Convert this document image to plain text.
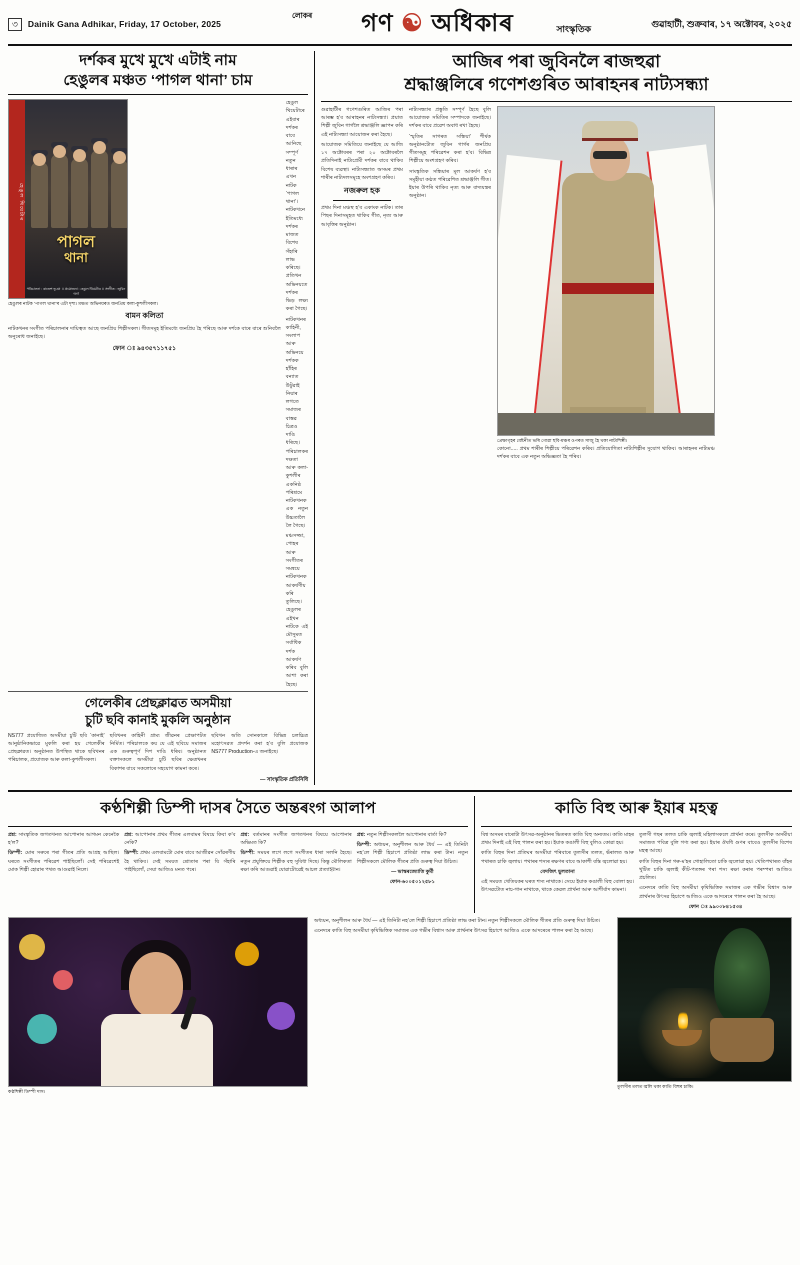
৩	Dainik Gana Adhikar, Friday, 17 October, 2025
লোকৰ	গণ ☯ অধিকাৰ	সাংস্কৃতিক
গুৱাহাটী, শুক্ৰবাৰ, ১৭ অক্টোবৰ, ২০২৫
দৰ্শকৰ মুখে মুখে এটাই নাম
হেঙুলৰ মঞ্চত ‘পাগল থানা’ চাম
হেঙুল থিয়েটাৰ
পাগল
থানা
পৰিচালনা : ৰাজেশ ভূঞা ।। প্ৰযোজনা : হেঙুল থিয়েটাৰ ।। সংগীত : জুবিন গাৰ্গ
হেঙুলৰ নাটক ‘পাগল থানা’ৰ এটা দৃশ্য। মঞ্চত অভিনয়ৰত জনপ্ৰিয় কলা-কুশলীসকল।
বামন কলিতা

নাটকখনৰ সংগীত পৰিচালনাৰ দায়িত্বত আছে জনপ্ৰিয় শিল্পীসকল। গীতসমূহ ইতিমধ্যে জনপ্ৰিয় হৈ পৰিছে আৰু দৰ্শকে বাৰে বাৰে শুনিবলৈ অনুৰোধ জনাইছে।

ফোন ঃ ৯৪৩৫৭১১৭৫১

হেঙুল থিয়েটাৰে এইবাৰ দৰ্শকৰ বাবে আনিছে সম্পূৰ্ণ নতুন ধাৰাৰ এখন নাটক ‘পাগল থানা’। নাটকখনে ইতিমধ্যে দৰ্শকৰ মাজত বিশেষ সঁহাৰি লাভ কৰিছে। প্ৰতিখন অভিনয়তে দৰ্শকৰ ভিড় লক্ষ্য কৰা গৈছে।

নাটকখনৰ কাহিনী, সংলাপ আৰু অভিনয়ে দৰ্শকক হাঁহিৰ বন্যাত উটুৱাই নিয়াৰ লগতে সমাজৰ বাস্তৱ চিত্ৰও দাঙি ধৰিছে। পৰিচালকৰ দক্ষতা আৰু কলা-কুশলীৰ একনিষ্ঠ পৰিশ্ৰমে নাটকখনক এক নতুন উচ্চতালৈ লৈ গৈছে।

মঞ্চসজ্জা, পোহৰ আৰু সংগীতৰ সমন্বয়ে নাটকখনক আকৰ্ষণীয় কৰি তুলিছে। হেঙুলৰ এইখন নাটকে এই মৌসুমত সৰ্বাধিক দৰ্শক আকৰ্ষণ কৰিব বুলি আশা কৰা হৈছে।

গেলেকীৰ প্ৰেছক্লাৱত অসমীয়া
চুটি ছবি কানাই মুকলি অনুষ্ঠান

NS777 প্ৰযোজিত অসমীয়া চুটি ছবি ‘কানাই’ আনুষ্ঠানিকভাৱে মুকলি কৰা হয় গেলেকীৰ প্ৰেছক্লাৱত। অনুষ্ঠানত উপস্থিত থাকে ছবিখনৰ পৰিচালক, প্ৰযোজক আৰু কলা-কুশলীসকল।

ছবিখনৰ কাহিনী গ্ৰাম্য জীৱনৰ প্ৰেক্ষাপটত নিৰ্মিত। পৰিচালকে কয় যে এই ছবিয়ে সমাজৰ এক গুৰুত্বপূৰ্ণ দিশ দাঙি ধৰিব। অনুষ্ঠানত বক্তাসকলে অসমীয়া চুটি ছবিৰ ক্ষেত্ৰখনৰ বিকাশৰ বাবে সকলোৰে সহযোগ কামনা কৰে।

ছবিখন অতি সোনকালে বিভিন্ন চলচ্চিত্ৰ মহোৎসৱত প্ৰদৰ্শন কৰা হ’ব বুলি প্ৰযোজক NS777 Production-এ জনাইছে।

— সাংস্কৃতিক প্ৰতিনিধি
আজিৰ পৰা জুবিনলৈ ৰাজহুৱা
শ্ৰদ্ধাঞ্জলিৰে গণেশগুৰিত আৰাহনৰ নাট্যসন্ধ্যা

গুৱাহাটীৰ গণেশগুৰিত আজিৰ পৰা আৰম্ভ হ’ব আৰাহনৰ নাট্যসন্ধ্যা। প্ৰয়াত শিল্পী জুবিন গাৰ্গলৈ শ্ৰদ্ধাঞ্জলি জ্ঞাপন কৰি এই নাট্যসন্ধ্যা আয়োজন কৰা হৈছে।

আয়োজক সমিতিয়ে জনাইছে যে আজি ১৭ অক্টোবৰৰ পৰা ২০ অক্টোবৰলৈ প্ৰতিদিনাই নাট্যপ্ৰেমী দৰ্শকৰ বাবে থাকিব বিশেষ ব্যৱস্থা। নাট্যসন্ধ্যাত অসমৰ প্ৰথম শাৰীৰ নাট্যদলসমূহে অংশগ্ৰহণ কৰিব।

নজৰুল হক

প্ৰথম দিনা মঞ্চস্থ হ’ব একাংক নাটক। তাৰ পিছৰ দিনাসমূহত থাকিব গীত, নৃত্য আৰু আবৃত্তিৰ অনুষ্ঠান।

নাট্যসন্ধ্যাৰ প্ৰস্তুতি সম্পূৰ্ণ হৈছে বুলি আয়োজক সমিতিৰ সম্পাদকে জনাইছে। দৰ্শকৰ বাবে প্ৰৱেশ অবাধ ৰখা হৈছে।

‘স্মৃতিৰ সাগৰত সন্ধিয়া’ শীৰ্ষক অনুষ্ঠানটোত জুবিন গাৰ্গৰ জনপ্ৰিয় গীতসমূহ পৰিৱেশন কৰা হ’ব। বিভিন্ন শিল্পীয়ে অংশগ্ৰহণ কৰিব।

সাংস্কৃতিক সন্ধিয়াৰ মূল আকৰ্ষণ হ’ব সমূহীয়া কণ্ঠত পৰিৱেশিত শ্ৰদ্ধাঞ্জলি গীত। ইয়াৰ উপৰি থাকিব নৃত্য আৰু বাদ্যযন্ত্ৰৰ অনুষ্ঠান।

প্ৰেক্ষাগৃহৰ বেষ্টনীত ভৰি গোৱা ছবি-মঞ্চৰ ওপৰত সাজু হৈ থকা নাট্যশিল্পী।

কোনো..... প্ৰথম শাৰীৰ শিল্পীয়ে পৰিৱেশন কৰিব। প্ৰতিযোগিতা নাট্যশিল্পীৰ সুযোগ থাকিব। আৰাহনৰ নাট্যমঞ্চ দৰ্শকৰ বাবে এক নতুন অভিজ্ঞতা হৈ পৰিব।

কণ্ঠশিল্পী ডিম্পী দাসৰ সৈতে অন্তৰংগ আলাপ

প্ৰশ্ন: সাংস্কৃতিক জগতখনত আপোনাৰ আগমন কেনেকৈ হ’ল?

ডিম্পী: মোৰ সৰুৰে পৰা গীতৰ প্ৰতি আগ্ৰহ আছিল। ঘৰতে সংগীতৰ পৰিৱেশ পাইছিলোঁ। সেই পৰিৱেশেই মোক শিল্পী হোৱাৰ পথত আগুৱাই নিলে।

প্ৰশ্ন: আপোনাৰ প্ৰথম গীতৰ এলবামৰ বিষয়ে কিবা ক’ব নেকি?

ডিম্পী: প্ৰথম এলবামটো মোৰ বাবে আজীৱন সোঁৱৰণীয় হৈ থাকিব। সেই সময়ত শ্ৰোতাৰ পৰা যি সঁহাৰি পাইছিলোঁ, সেয়া আজিও মনত পৰে।

প্ৰশ্ন: বৰ্তমানৰ সংগীত জগতখনৰ বিষয়ে আপোনাৰ অভিমত কি?

ডিম্পী: সময়ৰ লগে লগে সংগীতৰ ধাৰা সলনি হৈছে। নতুন প্ৰযুক্তিয়ে শিল্পীক বহু সুবিধা দিছে। কিন্তু মৌলিকতা ৰক্ষা কৰি আগুৱাই যোৱাটোৱেই আচল প্ৰত্যাহ্বান।

প্ৰশ্ন: নতুন শিল্পীসকললৈ আপোনাৰ বাৰ্তা কি?

ডিম্পী: অধ্যয়ন, অনুশীলন আৰু ধৈৰ্য — এই তিনিটা নহ’লে শিল্পী হিচাপে প্ৰতিষ্ঠা লাভ কৰা টান। নতুন শিল্পীসকলে মৌলিক গীতৰ প্ৰতি গুৰুত্ব দিয়া উচিত।

— ভাস্কৰজ্যোতি কুৰ্মী

ফোন-৬০০৫০১২৫৮১

কাতি বিহু আৰু ইয়াৰ মহত্ব

বিশ্ব অসমৰ বাৰোটা উৎসৱ-অনুষ্ঠানৰ ভিতৰত কাতি বিহু অন্যতম। কাতি মাহৰ প্ৰথম দিনাই এই বিহু পালন কৰা হয়। ইয়াক কঙালী বিহু বুলিও কোৱা হয়।

কাতি বিহুৰ দিনা প্ৰতিঘৰ অসমীয়া পৰিবাৰে তুলসীৰ তলত, ভঁৰালত আৰু পথাৰত চাকি জ্বলায়। পথাৰৰ শস্যৰ ৰক্ষণৰ বাবে আকাশী বন্তি জ্বলোৱা হয়।

বেদজিৎ ছুলতানা

এই সময়ত খেতিয়কৰ ঘৰত শস্য নাথাকে। সেয়ে ইয়াক কঙালী বিহু বোলা হয়। উৎসৱটোত নাচ-গান নাথাকে, থাকে কেৱল প্ৰাৰ্থনা আৰু আশীৰ্বাদ কামনা।

তুলসী গছৰ তলত চাকি জ্বলাই মহিলাসকলে প্ৰাৰ্থনা কৰে। তুলসীক অসমীয়া সমাজত পবিত্ৰ বুলি গণ্য কৰা হয়। ইয়াৰ ঔষধি গুণৰ বাবেও তুলসীৰ বিশেষ মহত্ব আছে।

কাতি বিহুৰ দিনা গৰু-ম’হৰ গোহালিতো চাকি জ্বলোৱা হয়। খেতিপথাৰত বাঁহৰ খুটিত চাকি জ্বলাই কীট-পতঙ্গৰ পৰা শস্য ৰক্ষা কৰাৰ পৰম্পৰা আজিও প্ৰচলিত।

এনেদৰে কাতি বিহু অসমীয়া কৃষিভিত্তিক সমাজৰ এক গভীৰ বিশ্বাস আৰু প্ৰাৰ্থনাৰ উৎসৱ হিচাপে আজিও একে আদৰেৰে পালন কৰা হৈ আছে।

ফোন ঃ ৯৯০০৮৪১৫৩৪

কণ্ঠশিল্পী ডিম্পী দাস।

অধ্যয়ন, অনুশীলন আৰু ধৈৰ্য — এই তিনিটা নহ’লে শিল্পী হিচাপে প্ৰতিষ্ঠা লাভ কৰা টান। নতুন শিল্পীসকলে মৌলিক গীতৰ প্ৰতি গুৰুত্ব দিয়া উচিত।

এনেদৰে কাতি বিহু অসমীয়া কৃষিভিত্তিক সমাজৰ এক গভীৰ বিশ্বাস আৰু প্ৰাৰ্থনাৰ উৎসৱ হিচাপে আজিও একে আদৰেৰে পালন কৰা হৈ আছে।

তুলসীৰ তলত জ্বলি থকা কাতি বিহুৰ চাকি।
